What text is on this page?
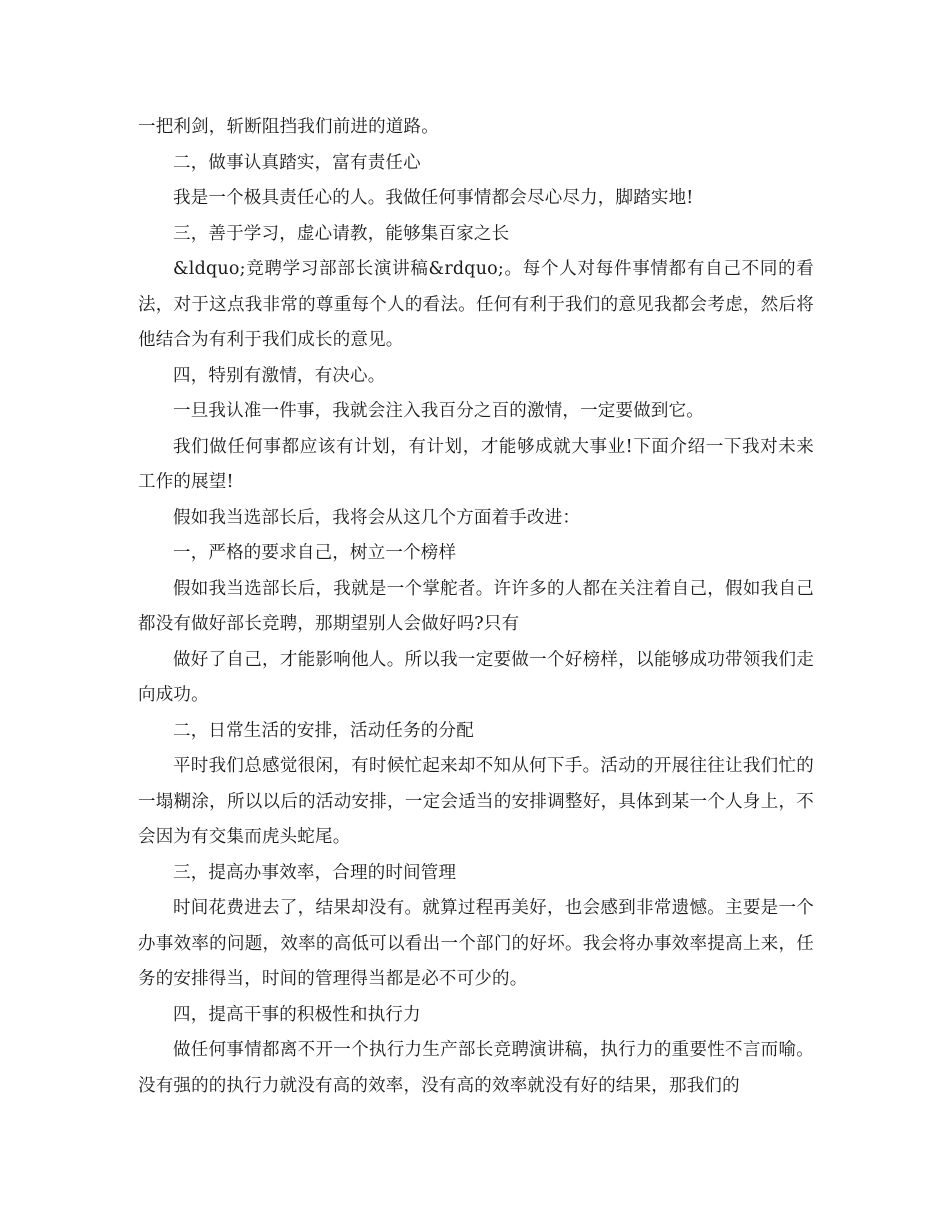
一把利剑，斩断阻挡我们前进的道路。

二，做事认真踏实，富有责任心

我是一个极具责任心的人。我做任何事情都会尽心尽力，脚踏实地!

三，善于学习，虚心请教，能够集百家之长

&ldquo;竞聘学习部部长演讲稿&rdquo;。每个人对每件事情都有自己不同的看法，对于这点我非常的尊重每个人的看法。任何有利于我们的意见我都会考虑，然后将他结合为有利于我们成长的意见。

四，特别有激情，有决心。

一旦我认准一件事，我就会注入我百分之百的激情，一定要做到它。

我们做任何事都应该有计划，有计划，才能够成就大事业!下面介绍一下我对未来工作的展望!

假如我当选部长后，我将会从这几个方面着手改进：

一，严格的要求自己，树立一个榜样

假如我当选部长后，我就是一个掌舵者。许许多的人都在关注着自己，假如我自己都没有做好部长竞聘，那期望别人会做好吗?只有

做好了自己，才能影响他人。所以我一定要做一个好榜样，以能够成功带领我们走向成功。

二，日常生活的安排，活动任务的分配

平时我们总感觉很闲，有时候忙起来却不知从何下手。活动的开展往往让我们忙的一塌糊涂，所以以后的活动安排，一定会适当的安排调整好，具体到某一个人身上，不会因为有交集而虎头蛇尾。

三，提高办事效率，合理的时间管理

时间花费进去了，结果却没有。就算过程再美好，也会感到非常遗憾。主要是一个办事效率的问题，效率的高低可以看出一个部门的好坏。我会将办事效率提高上来，任务的安排得当，时间的管理得当都是必不可少的。

四，提高干事的积极性和执行力

做任何事情都离不开一个执行力生产部长竞聘演讲稿，执行力的重要性不言而喻。没有强的的执行力就没有高的效率，没有高的效率就没有好的结果，那我们的
